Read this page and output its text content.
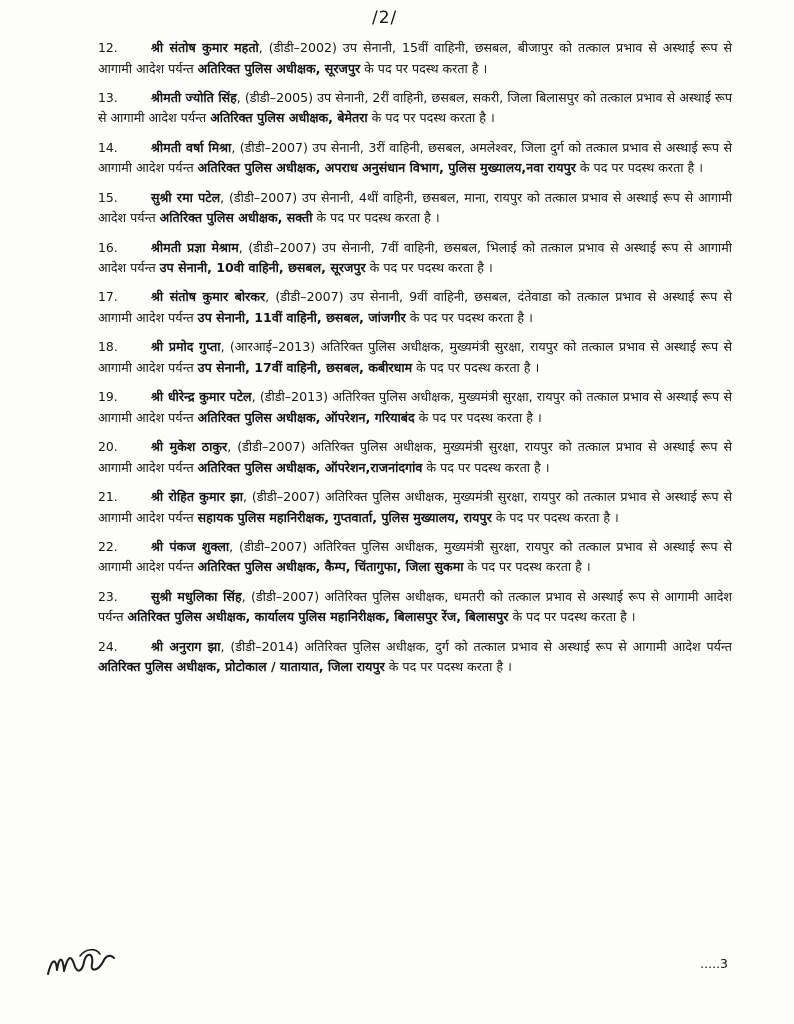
/2/

12.	श्री संतोष कुमार महतो, (डीडी–2002) उप सेनानी, 15वीं वाहिनी, छसबल, बीजापुर को तत्काल प्रभाव से अस्थाई रूप से आगामी आदेश पर्यन्त अतिरिक्त पुलिस अधीक्षक, सूरजपुर के पद पर पदस्थ करता है ।

13.	श्रीमती ज्योति सिंह, (डीडी–2005) उप सेनानी, 2रीं वाहिनी, छसबल, सकरी, जिला बिलासपुर को तत्काल प्रभाव से अस्थाई रूप से आगामी आदेश पर्यन्त अतिरिक्त पुलिस अधीक्षक, बेमेतरा के पद पर पदस्थ करता है ।

14.	श्रीमती वर्षा मिश्रा, (डीडी–2007) उप सेनानी, 3रीं वाहिनी, छसबल, अमलेश्वर, जिला दुर्ग को तत्काल प्रभाव से अस्थाई रूप से आगामी आदेश पर्यन्त अतिरिक्त पुलिस अधीक्षक, अपराध अनुसंधान विभाग, पुलिस मुख्यालय,नवा रायपुर के पद पर पदस्थ करता है ।

15.	सुश्री रमा पटेल, (डीडी–2007) उप सेनानी, 4थीं वाहिनी, छसबल, माना, रायपुर को तत्काल प्रभाव से अस्थाई रूप से आगामी आदेश पर्यन्त अतिरिक्त पुलिस अधीक्षक, सक्ती के पद पर पदस्थ करता है ।

16.	श्रीमती प्रज्ञा मेश्राम, (डीडी–2007) उप सेनानी, 7वीं वाहिनी, छसबल, भिलाई को तत्काल प्रभाव से अस्थाई रूप से आगामी आदेश पर्यन्त उप सेनानी, 10वी वाहिनी, छसबल, सूरजपुर के पद पर पदस्थ करता है ।

17.	श्री संतोष कुमार बोरकर, (डीडी–2007) उप सेनानी, 9वीं वाहिनी, छसबल, दंतेवाडा को तत्काल प्रभाव से अस्थाई रूप से आगामी आदेश पर्यन्त उप सेनानी, 11वीं वाहिनी, छसबल, जांजगीर के पद पर पदस्थ करता है ।

18.	श्री प्रमोद गुप्ता, (आरआई–2013) अतिरिक्त पुलिस अधीक्षक, मुख्यमंत्री सुरक्षा, रायपुर को तत्काल प्रभाव से अस्थाई रूप से आगामी आदेश पर्यन्त उप सेनानी, 17वीं वाहिनी, छसबल, कबीरधाम के पद पर पदस्थ करता है ।

19.	श्री धीरेन्द्र कुमार पटेल, (डीडी–2013) अतिरिक्त पुलिस अधीक्षक, मुख्यमंत्री सुरक्षा, रायपुर को तत्काल प्रभाव से अस्थाई रूप से आगामी आदेश पर्यन्त अतिरिक्त पुलिस अधीक्षक, ऑपरेशन, गरियाबंद के पद पर पदस्थ करता है ।

20.	श्री मुकेश ठाकुर, (डीडी–2007) अतिरिक्त पुलिस अधीक्षक, मुख्यमंत्री सुरक्षा, रायपुर को तत्काल प्रभाव से अस्थाई रूप से आगामी आदेश पर्यन्त अतिरिक्त पुलिस अधीक्षक, ऑपरेशन,राजनांदगांव के पद पर पदस्थ करता है ।

21.	श्री रोहित कुमार झा, (डीडी–2007) अतिरिक्त पुलिस अधीक्षक, मुख्यमंत्री सुरक्षा, रायपुर को तत्काल प्रभाव से अस्थाई रूप से आगामी आदेश पर्यन्त सहायक पुलिस महानिरीक्षक, गुप्तवार्ता, पुलिस मुख्यालय, रायपुर के पद पर पदस्थ करता है ।

22.	श्री पंकज शुक्ला, (डीडी–2007) अतिरिक्त पुलिस अधीक्षक, मुख्यमंत्री सुरक्षा, रायपुर को तत्काल प्रभाव से अस्थाई रूप से आगामी आदेश पर्यन्त अतिरिक्त पुलिस अधीक्षक, कैम्प, चिंतागुफा, जिला सुकमा के पद पर पदस्थ करता है ।

23.	सुश्री मधुलिका सिंह, (डीडी–2007) अतिरिक्त पुलिस अधीक्षक, धमतरी को तत्काल प्रभाव से अस्थाई रूप से आगामी आदेश पर्यन्त अतिरिक्त पुलिस अधीक्षक, कार्यालय पुलिस महानिरीक्षक, बिलासपुर रेंज, बिलासपुर के पद पर पदस्थ करता है ।

24.	श्री अनुराग झा, (डीडी–2014) अतिरिक्त पुलिस अधीक्षक, दुर्ग को तत्काल प्रभाव से अस्थाई रूप से आगामी आदेश पर्यन्त अतिरिक्त पुलिस अधीक्षक, प्रोटोकाल / यातायात, जिला रायपुर के पद पर पदस्थ करता है ।

.....3
